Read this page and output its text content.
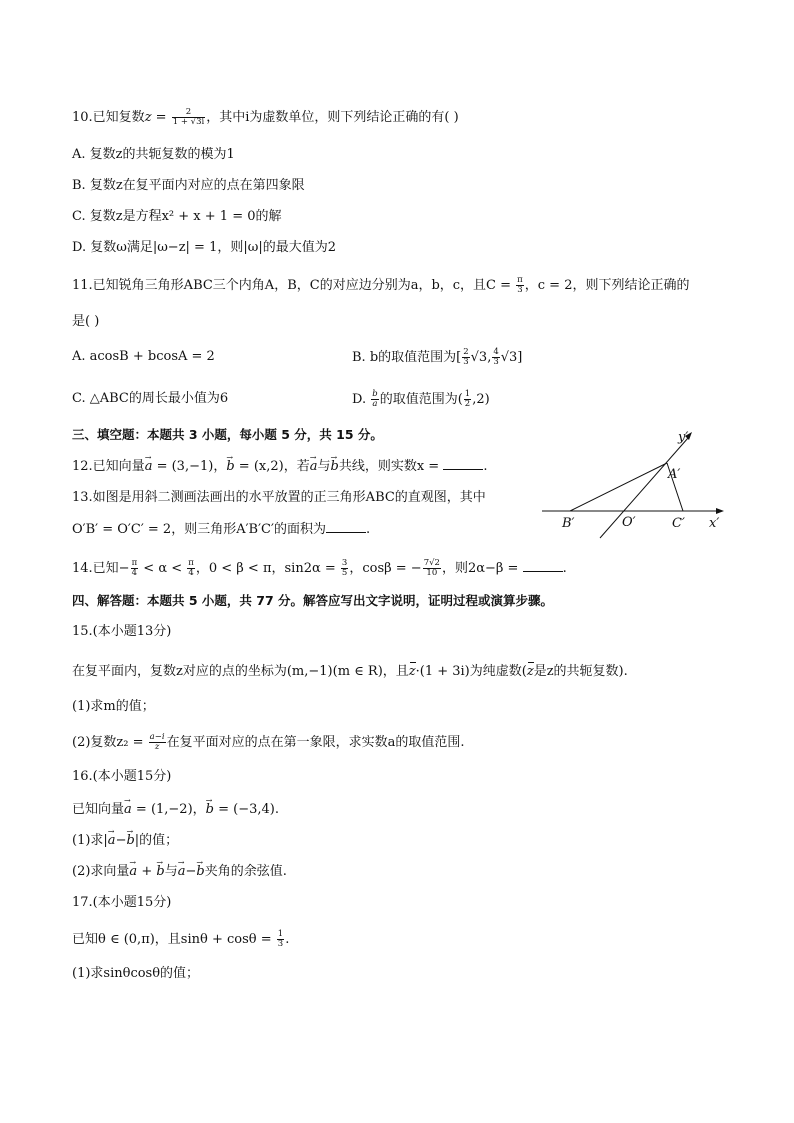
10.已知复数$z = \frac{2}{1 + √3i}$ ，其中i为虚数单位，则下列结论正确的有( )
A. 复数z的共轭复数的模为1
B. 复数z在复平面内对应的点在第四象限
C. 复数z是方程x² + x + 1 = 0的解
D. 复数ω满足|ω−z| = 1，则|ω|的最大值为2
11.已知锐角三角形ABC三个内角A，B，C的对应边分别为a，b，c，且$C = \frac{\pi}{3}$ ，c = 2，则下列结论正确的
是( )
A. acosB + bcosA = 2	B. b的取值范围为[ $\frac{2}{3} √3$, $\frac{4}{3} √3$]
C. △ABC的周长最小值为6	D. $\frac{b}{a}$ 的取值范围为( $\frac{1}{2} ,2$)
三、填空题：本题共 3 小题，每小题 5 分，共 15 分。
12.已知向量→ a = (3,−1)，→ b = (x,2)，若→ a与→ b共线，则实数x =	.
13.如图是用斜二测画法画出的水平放置的正三角形ABC的直观图，其中
O′B′ = O′C′ = 2，则三角形A′B′C′的面积为	.
y′
A′
B′	O′	C′ x′
14.已知− $\frac{\pi}{4} < \alpha < \frac{\pi}{4}$ ，0 < β < π，$\sin 2\alpha = \frac{3}{5}$ ，cosβ = − $\frac{7√2}{10}$ ，则2α−β =	.
四、解答题：本题共 5 小题，共 77 分。解答应写出文字说明，证明过程或演算步骤。
15.(本小题13分)
在复平面内，复数z对应的点的坐标为(m,−1)(m ∈ R)，且z·(1 + 3i)为纯虚数(z是z的共轭复数).
(1)求m的值；
(2)复数$z_2 = \frac{a-i}{z}$ 在复平面对应的点在第一象限，求实数a的取值范围.
16.(本小题15分)
已知向量→ a = (1,−2)，→ b = (−3,4).
(1)求|→ a−→ b|的值；
(2)求向量→ a + → b与→ a−→ b夹角的余弦值.
17.(本小题15分)
已知θ ∈ (0,π)，且$\sin\theta + \cos\theta = \frac{1}{3}$ .
(1)求sinθcosθ的值；
